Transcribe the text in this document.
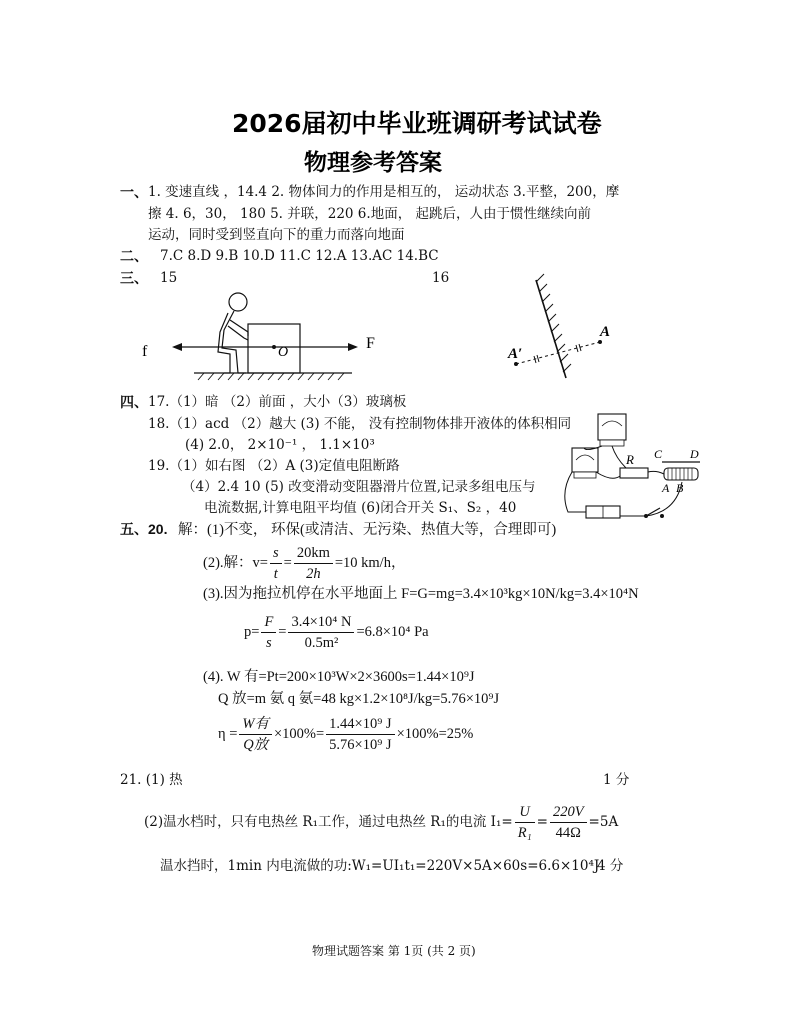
2026届初中毕业班调研考试试卷
物理参考答案
一、 1. 变速直线 ，14.4 2. 物体间力的作用是相互的， 运动状态 3.平整，200，摩
擦 4. 6，30， 180 5. 并联，220 6.地面， 起跳后，人由于惯性继续向前
运动，同时受到竖直向下的重力而落向地面
二、 7.C 8.D 9.B 10.D 11.C 12.A 13.AC 14.BC
三、 15	16
O
f	F
A′
A
四、 17.（1）暗 （2）前面 ，大小（3）玻璃板
18.（1）acd （2）越大 (3) 不能， 没有控制物体排开液体的体积相同
(4) 2.0， 2×10⁻¹ ， 1.1×10³
19.（1）如右图 （2）A (3)定值电阻断路
（4）2.4 10 (5) 改变滑动变阻器滑片位置,记录多组电压与
电流数据,计算电阻平均值 (6)闭合开关 S₁、S₂ ，40
R C D
A B
五、 20. 解：(1)不变， 环保(或清洁、无污染、热值大等，合理即可)
(2).解：$v= \frac{s}{t} = \frac{20km}{2h} =10$ km/h，
(3).因为拖拉机停在水平地面上 F=G=mg=3.4×10³kg×10N/kg=3.4×10⁴N
$p= \frac{F}{s} = \frac{\text{3.4×10⁴ N}}{\text{0.5m²}} =6.8\times 10^4$ Pa
(4). W 有=Pt=200×10³W×2×3600s=1.44×10⁹J
Q 放=m 氨 q 氨=48 kg×1.2×10⁸J/kg=5.76×10⁹J
$\eta = \frac{\text{W有}}{\text{Q放}} \times 100\%= \frac{\text{1.44×10⁹ J}}{\text{5.76×10⁹ J}} \times 100\%=25\%$
21. (1) 热	1 分
(2)温水档时，只有电热丝 R₁工作，通过电热丝 R₁的电流 $I_1= \frac{U}{\text{R₁}} = \frac{220V}{44\Omega} =5A$
温水挡时，1min 内电流做的功:W₁=UI₁t₁=220V×5A×60s=6.6×10⁴J
4 分
物理试题答案 第 1页 (共 2 页)
